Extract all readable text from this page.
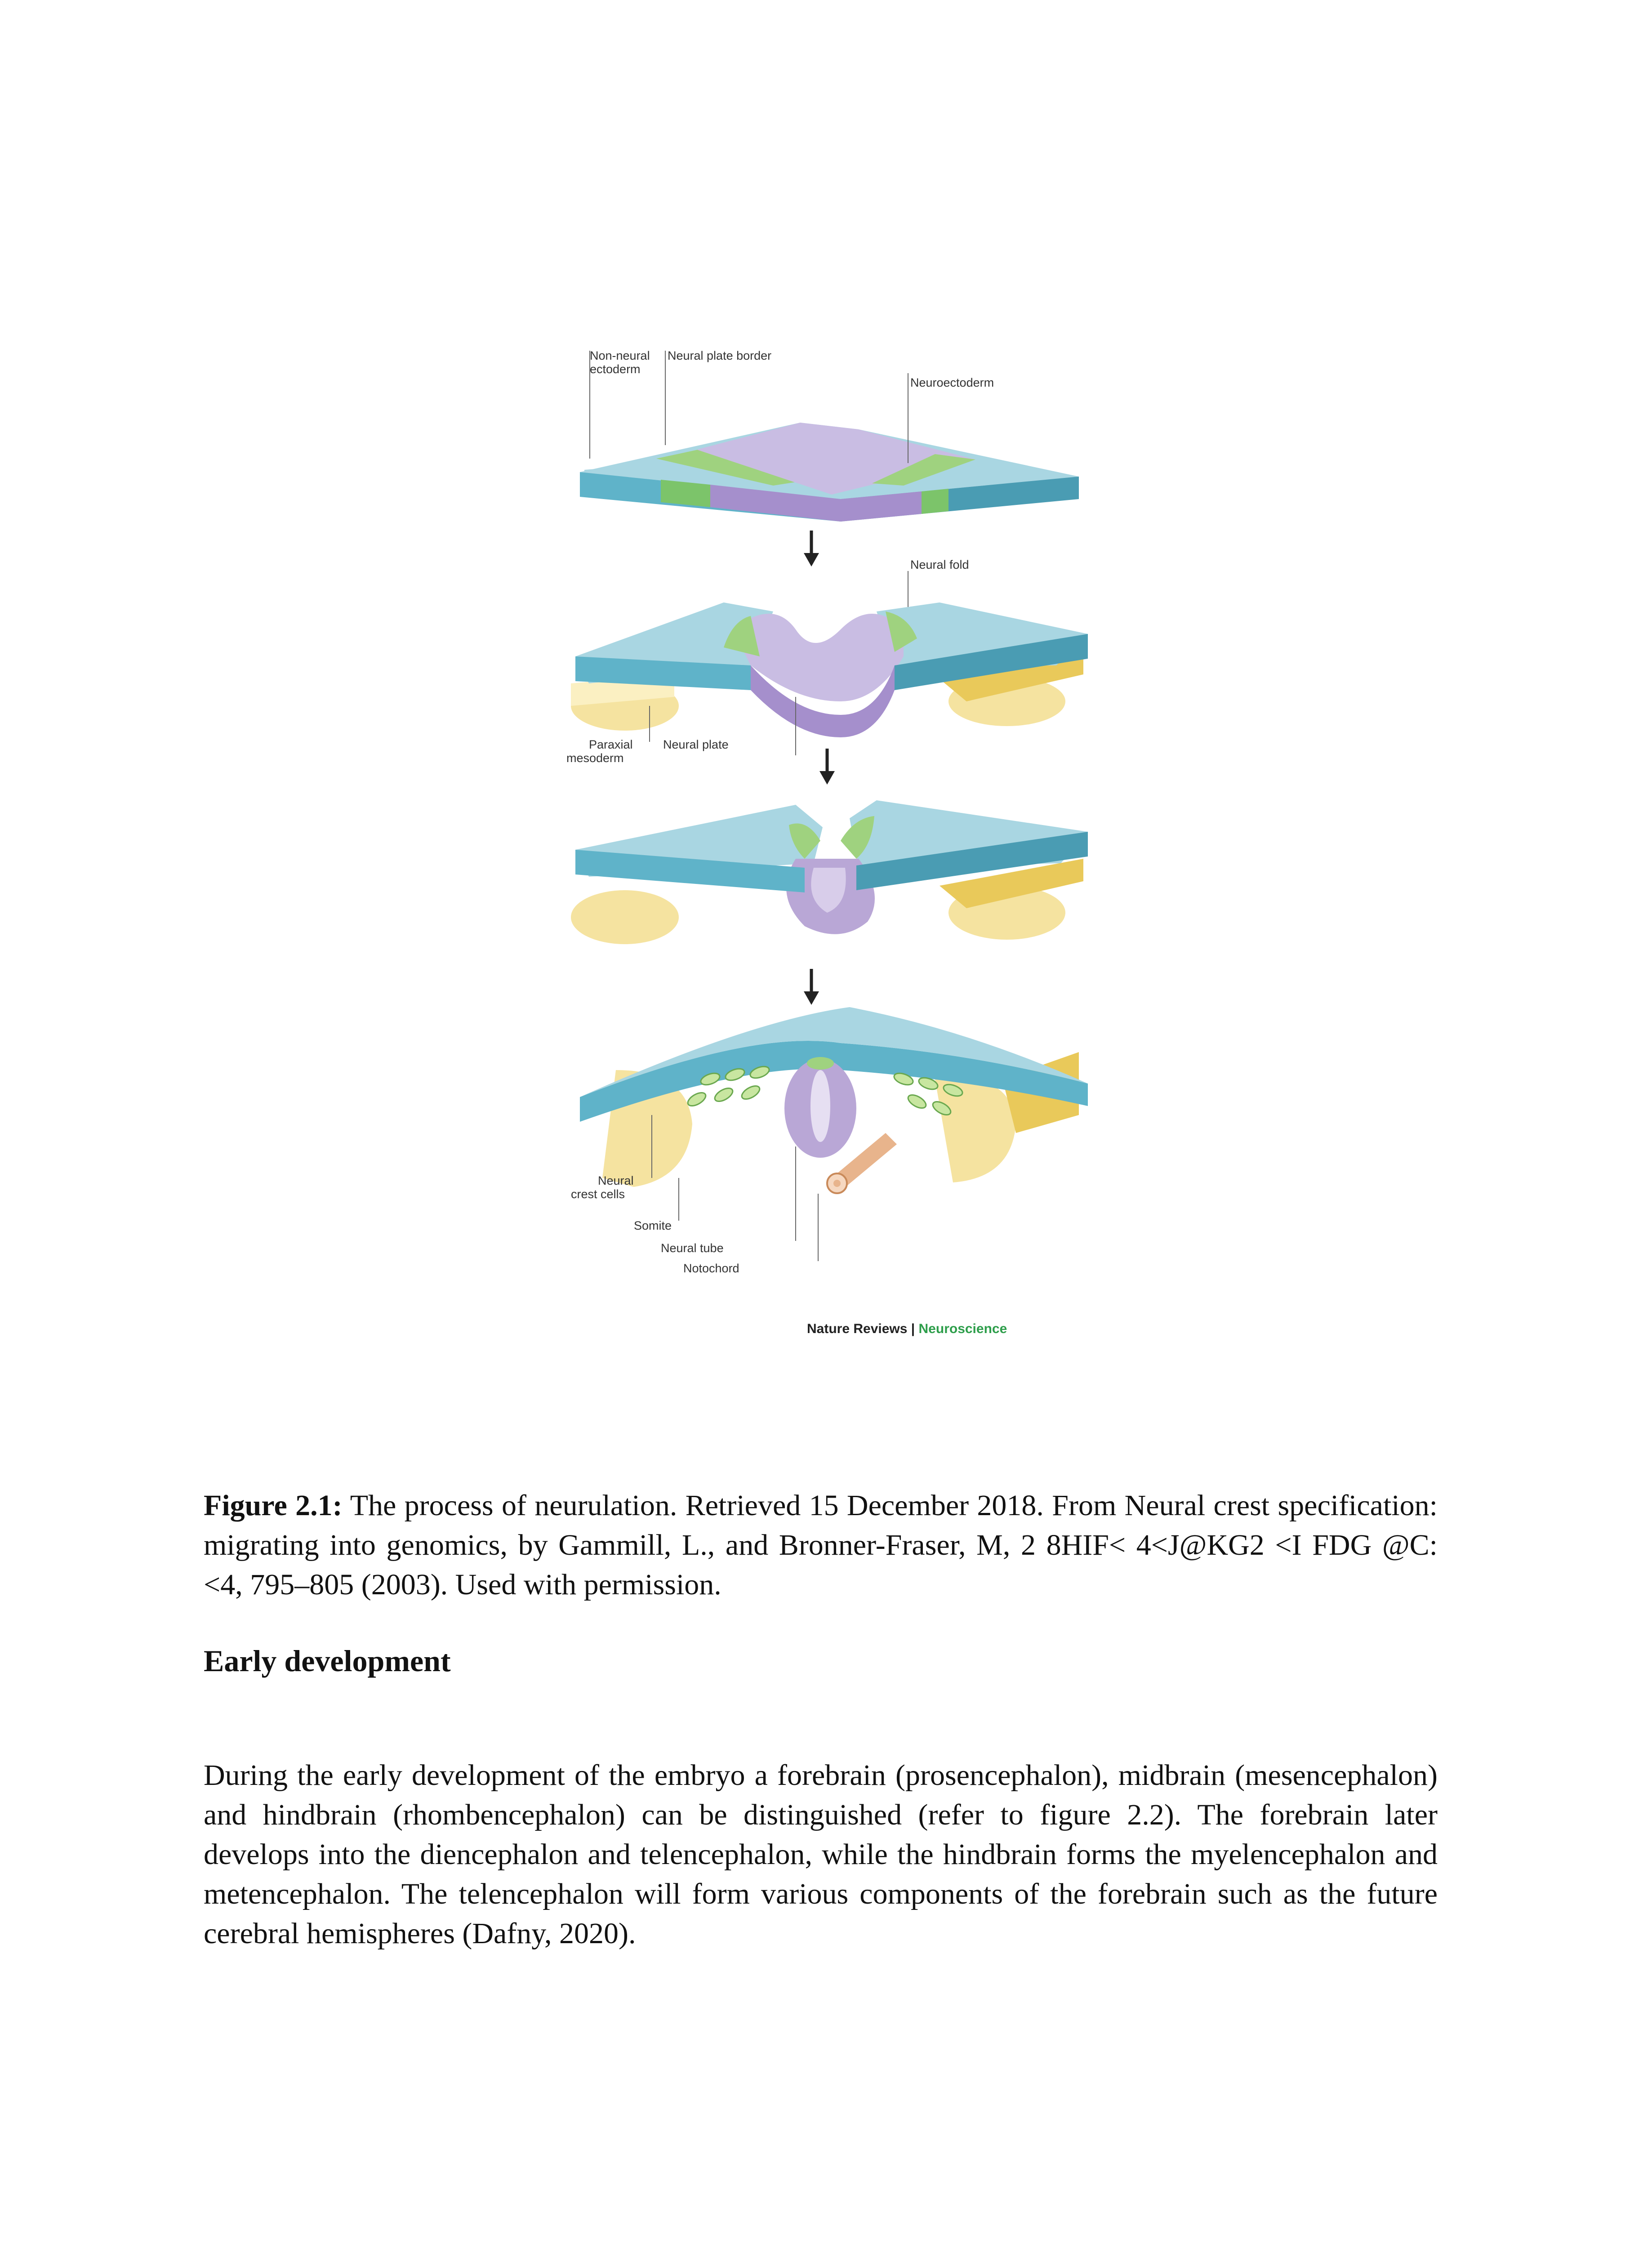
Non-neural
ectoderm
Neural plate border
Neuroectoderm
Neural fold
Paraxial
mesoderm
Neural plate
Neural
crest cells
Somite
Neural tube
Notochord
Nature Reviews | Neuroscience
Figure 2.1: The process of neurulation. Retrieved 15 December 2018. From Neural crest specification: migrating into genomics, by Gammill, L., and Bronner-Fraser, M, 2 8HIF< 4<J@KG2 <I FDG @C: <4, 795–805 (2003). Used with permission.
Early development
During the early development of the embryo a forebrain (prosencephalon), midbrain (mesencephalon) and hindbrain (rhombencephalon) can be distinguished (refer to figure 2.2). The forebrain later develops into the diencephalon and telencephalon, while the hindbrain forms the myelencephalon and metencephalon. The telencephalon will form various components of the forebrain such as the future cerebral hemispheres (Dafny, 2020).
